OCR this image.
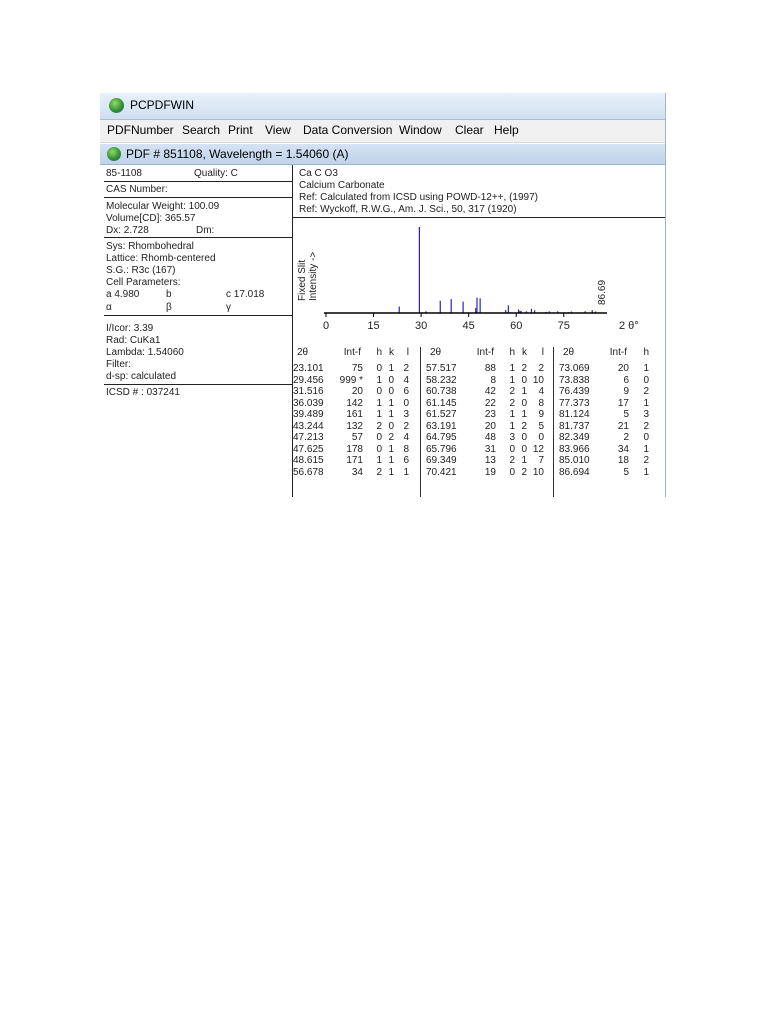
PCPDFWIN
PDFNumber Search Print View Data Conversion Window Clear Help
PDF # 851108, Wavelength = 1.54060 (A)
85-1108	Quality: C
CAS Number:
Molecular Weight: 100.09
Volume[CD]: 365.57
Dx: 2.728	Dm:
Sys: Rhombohedral
Lattice: Rhomb-centered
S.G.: R3c (167)
Cell Parameters:
a 4.980	b	c 17.018
α	β	γ
I/Icor: 3.39
Rad: CuKa1
Lambda: 1.54060
Filter:
d-sp: calculated
ICSD # : 037241
Ca C O3
Calcium Carbonate
Ref: Calculated from ICSD using POWD-12++, (1997)
Ref: Wyckoff, R.W.G., Am. J. Sci., 50, 317 (1920)
Fixed Slit Intensity ->
0	15	30	45	60	75	2 θ°
86.69
2θ	Int-f h k l
23.101	75 0 1 2
29.456 999 * 1 0 4
31.516	20 0 0 6
36.039 142 1 1 0
39.489 161 1 1 3
43.244 132 2 0 2
47.213	57 0 2 4
47.625 178 0 1 8
48.615 171 1 1 6
56.678	34 2 1 1
2θ	Int-f h k l
57.517	88 1 2 2
58.232	8 1 0 10
60.738	42 2 1 4
61.145	22 2 0 8
61.527	23 1 1 9
63.191	20 1 2 5
64.795	48 3 0 0
65.796	31 0 0 12
69.349	13 2 1 7
70.421	19 0 2 10
2θ	Int-f h
73.069	20 1
73.838	6 0
76.439	9 2
77.373	17 1
81.124	5 3
81.737	21 2
82.349	2 0
83.966	34 1
85.010	18 2
86.694	5 1
